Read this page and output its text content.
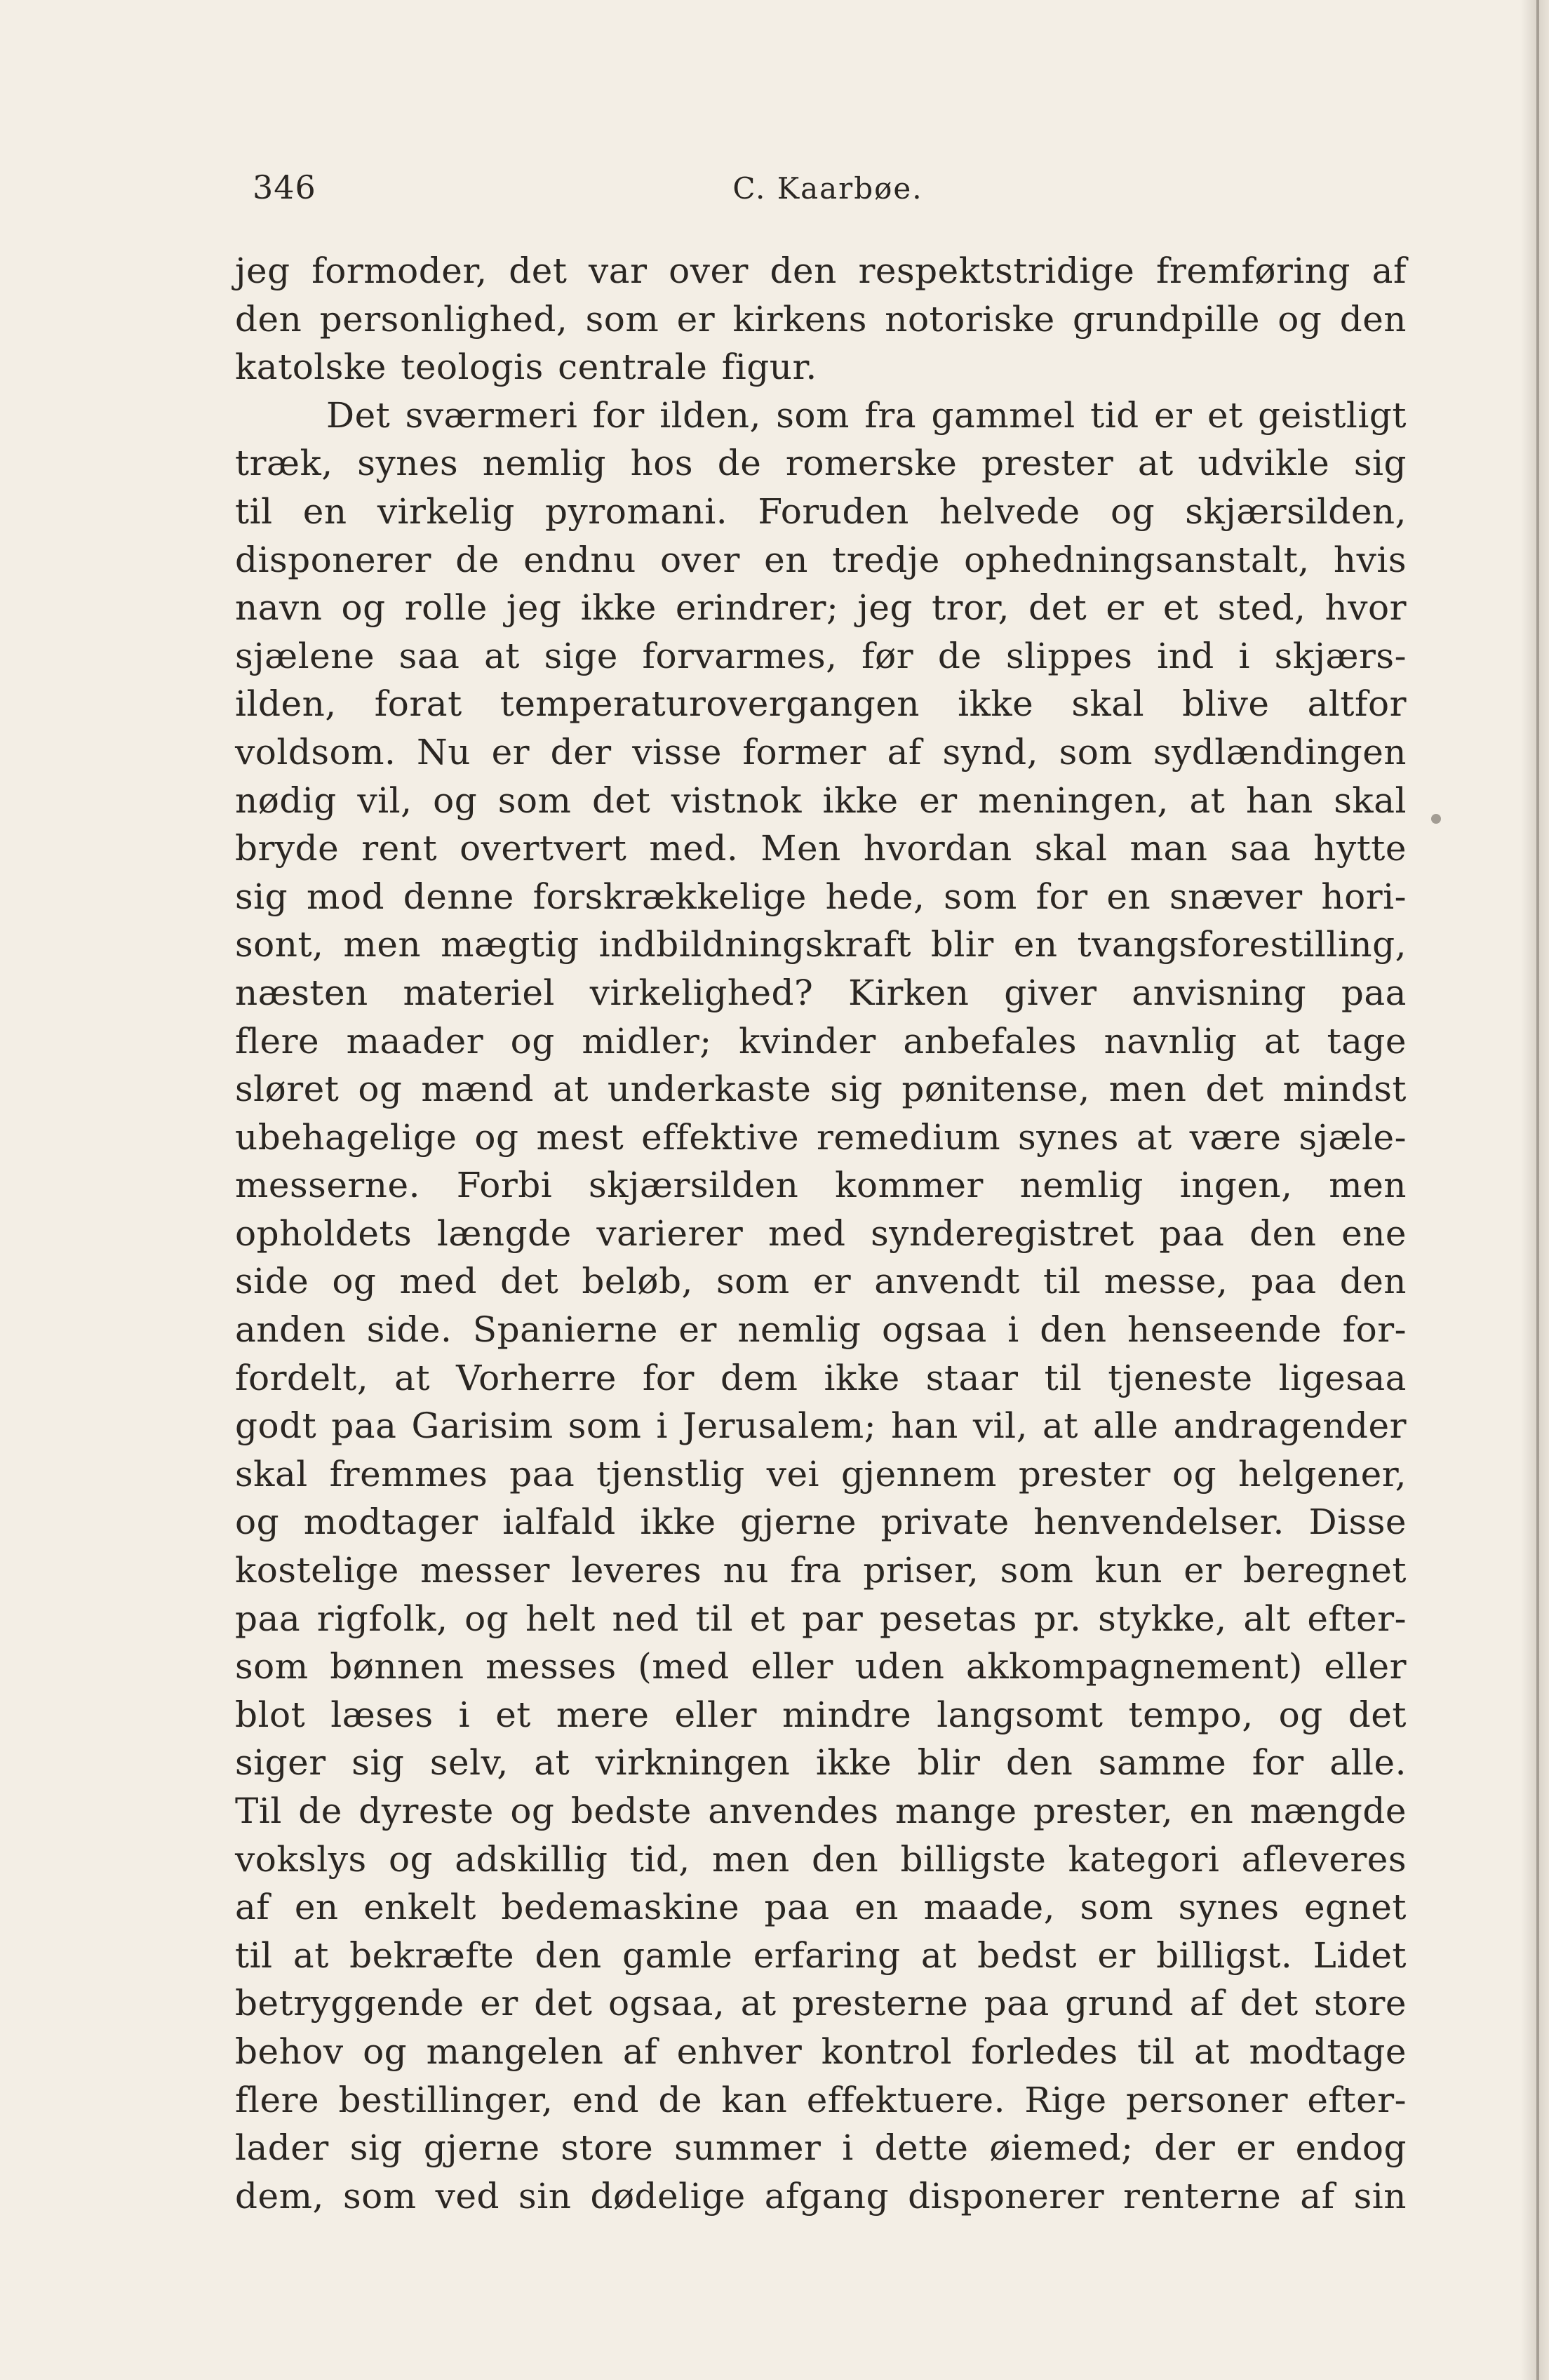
346	C. Kaarbøe.
jeg formoder, det var over den respektstridige fremføring af
den personlighed, som er kirkens notoriske grundpille og den
katolske teologis centrale figur.
Det sværmeri for ilden, som fra gammel tid er et geistligt
træk, synes nemlig hos de romerske prester at udvikle sig
til en virkelig pyromani. Foruden helvede og skjærsilden,
disponerer de endnu over en tredje ophedningsanstalt, hvis
navn og rolle jeg ikke erindrer; jeg tror, det er et sted, hvor
sjælene saa at sige forvarmes, før de slippes ind i skjærs-
ilden, forat temperaturovergangen ikke skal blive altfor
voldsom. Nu er der visse former af synd, som sydlændingen
nødig vil, og som det vistnok ikke er meningen, at han skal
bryde rent overtvert med. Men hvordan skal man saa hytte
sig mod denne forskrækkelige hede, som for en snæver hori-
sont, men mægtig indbildningskraft blir en tvangsforestilling,
næsten materiel virkelighed? Kirken giver anvisning paa
flere maader og midler; kvinder anbefales navnlig at tage
sløret og mænd at underkaste sig pønitense, men det mindst
ubehagelige og mest effektive remedium synes at være sjæle-
messerne. Forbi skjærsilden kommer nemlig ingen, men
opholdets længde varierer med synderegistret paa den ene
side og med det beløb, som er anvendt til messe, paa den
anden side. Spanierne er nemlig ogsaa i den henseende for-
fordelt, at Vorherre for dem ikke staar til tjeneste ligesaa
godt paa Garisim som i Jerusalem; han vil, at alle andragender
skal fremmes paa tjenstlig vei gjennem prester og helgener,
og modtager ialfald ikke gjerne private henvendelser. Disse
kostelige messer leveres nu fra priser, som kun er beregnet
paa rigfolk, og helt ned til et par pesetas pr. stykke, alt efter-
som bønnen messes (med eller uden akkompagnement) eller
blot læses i et mere eller mindre langsomt tempo, og det
siger sig selv, at virkningen ikke blir den samme for alle.
Til de dyreste og bedste anvendes mange prester, en mængde
vokslys og adskillig tid, men den billigste kategori afleveres
af en enkelt bedemaskine paa en maade, som synes egnet
til at bekræfte den gamle erfaring at bedst er billigst. Lidet
betryggende er det ogsaa, at presterne paa grund af det store
behov og mangelen af enhver kontrol forledes til at modtage
flere bestillinger, end de kan effektuere. Rige personer efter-
lader sig gjerne store summer i dette øiemed; der er endog
dem, som ved sin dødelige afgang disponerer renterne af sin
